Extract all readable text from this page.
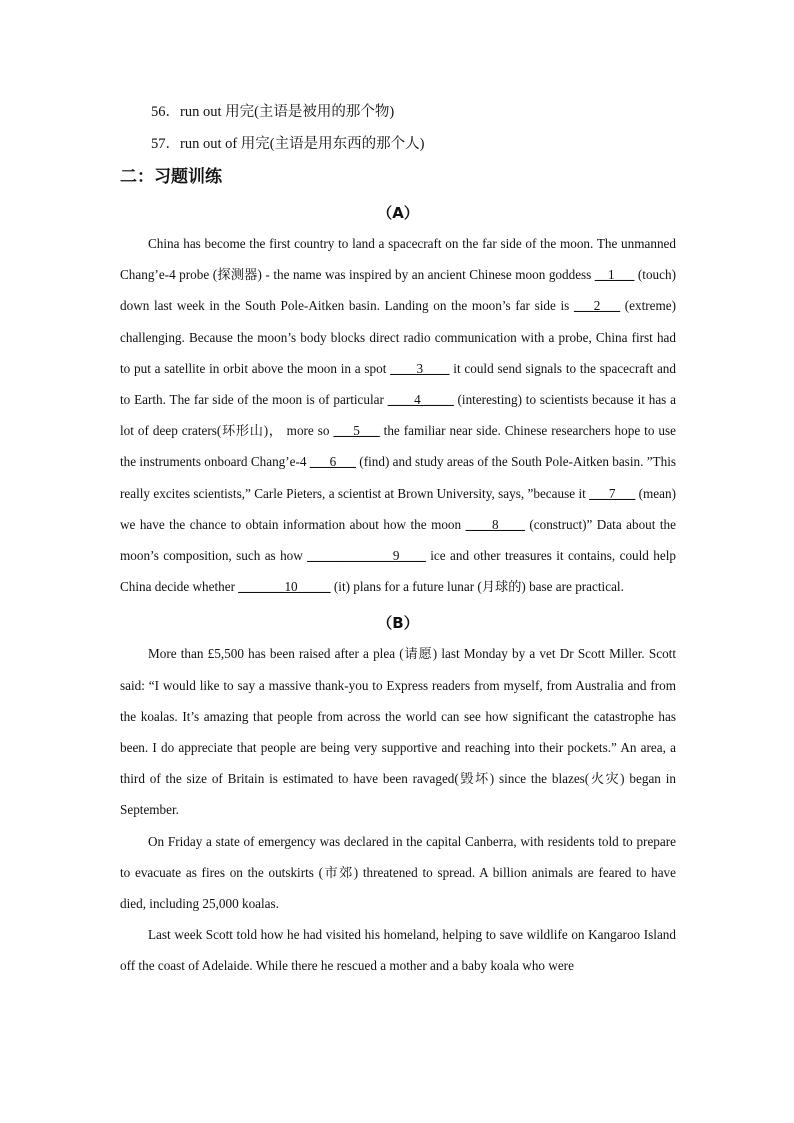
56．run out 用完(主语是被用的那个物)
57．run out of 用完(主语是用东西的那个人)
二：习题训练
（A）

China has become the first country to land a spacecraft on the far side of the moon. The unmanned Chang’e-4 probe (探测器) - the name was inspired by an ancient Chinese moon goddess __1___ (touch) down last week in the South Pole-Aitken basin. Landing on the moon’s far side is ___2___ (extreme) challenging. Because the moon’s body blocks direct radio communication with a probe, China first had to put a satellite in orbit above the moon in a spot ____3____ it could send signals to the spacecraft and to Earth. The far side of the moon is of particular ____4_____ (interesting) to scientists because it has a lot of deep craters(环形山)， more so ___5___ the familiar near side. Chinese researchers hope to use the instruments onboard Chang’e-4 ___6___ (find) and study areas of the South Pole-Aitken basin. ”This really excites scientists,” Carle Pieters, a scientist at Brown University, says, ”because it ___7___ (mean) we have the chance to obtain information about how the moon ____8____ (construct)” Data about the moon’s composition, such as how _____________9____ ice and other treasures it contains, could help China decide whether _______10_____ (it) plans for a future lunar (月球的) base are practical.

（B）

More than £5,500 has been raised after a plea (请愿) last Monday by a vet Dr Scott Miller. Scott said: “I would like to say a massive thank-you to Express readers from myself, from Australia and from the koalas. It’s amazing that people from across the world can see how significant the catastrophe has been. I do appreciate that people are being very supportive and reaching into their pockets.” An area, a third of the size of Britain is estimated to have been ravaged(毁坏) since the blazes(火灾) began in September.

On Friday a state of emergency was declared in the capital Canberra, with residents told to prepare to evacuate as fires on the outskirts (市郊) threatened to spread. A billion animals are feared to have died, including 25,000 koalas.

Last week Scott told how he had visited his homeland, helping to save wildlife on Kangaroo Island off the coast of Adelaide. While there he rescued a mother and a baby koala who were
